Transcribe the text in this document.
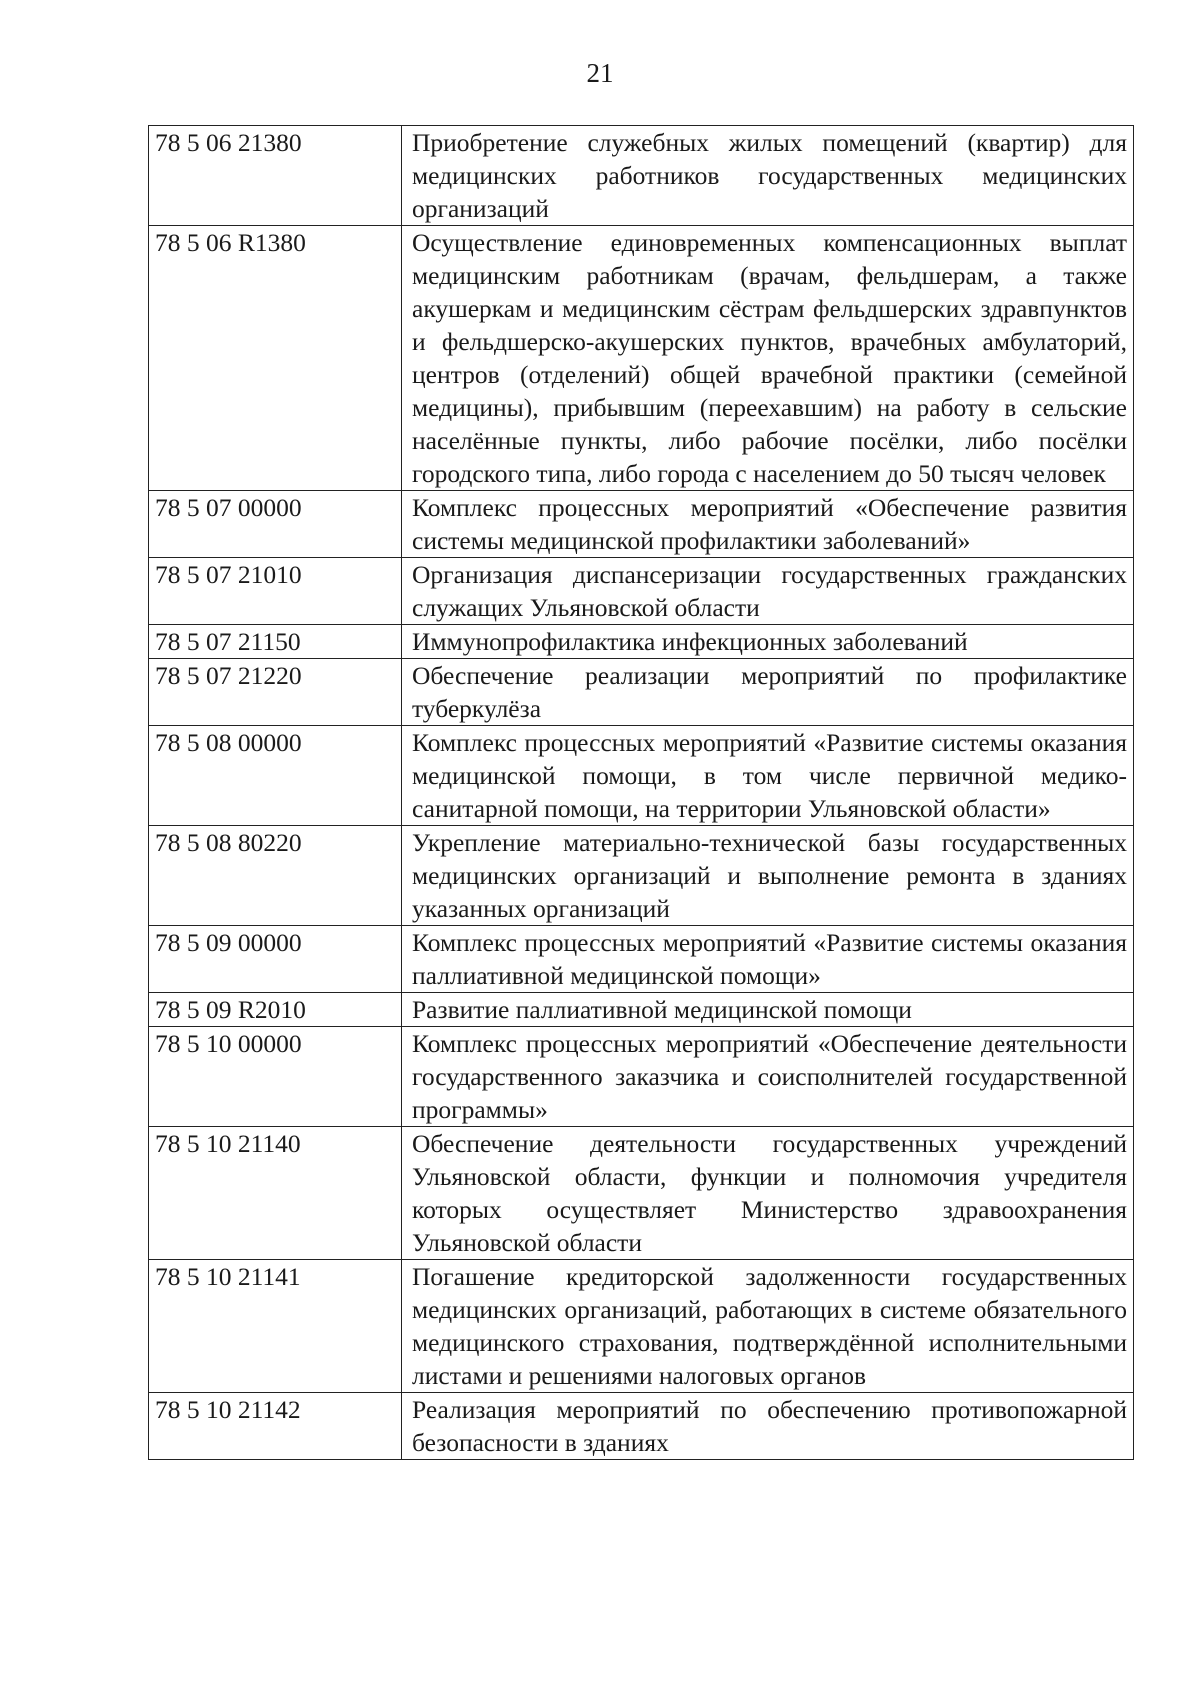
21
78 5 06 21380	Приобретение служебных жилых помещений (квартир) для медицинских работников государственных медицинских организаций
78 5 06 R1380	Осуществление единовременных компенсационных выплат медицинским работникам (врачам, фельдшерам, а также акушеркам и медицинским сёстрам фельдшерских здравпунктов и фельдшерско-акушерских пунктов, врачебных амбулаторий, центров (отделений) общей врачебной практики (семейной медицины), прибывшим (переехавшим) на работу в сельские населённые пункты, либо рабочие посёлки, либо посёлки городского типа, либо города с населением до 50 тысяч человек
78 5 07 00000	Комплекс процессных мероприятий «Обеспечение развития системы медицинской профилактики заболеваний»
78 5 07 21010	Организация диспансеризации государственных гражданских служащих Ульяновской области
78 5 07 21150	Иммунопрофилактика инфекционных заболеваний
78 5 07 21220	Обеспечение реализации мероприятий по профилактике туберкулёза
78 5 08 00000	Комплекс процессных мероприятий «Развитие системы оказания медицинской помощи, в том числе первичной медико-санитарной помощи, на территории Ульяновской области»
78 5 08 80220	Укрепление материально-технической базы государственных медицинских организаций и выполнение ремонта в зданиях указанных организаций
78 5 09 00000	Комплекс процессных мероприятий «Развитие системы оказания паллиативной медицинской помощи»
78 5 09 R2010	Развитие паллиативной медицинской помощи
78 5 10 00000	Комплекс процессных мероприятий «Обеспечение деятельности государственного заказчика и соисполнителей государственной программы»
78 5 10 21140	Обеспечение деятельности государственных учреждений Ульяновской области, функции и полномочия учредителя которых осуществляет Министерство здравоохранения Ульяновской области
78 5 10 21141	Погашение кредиторской задолженности государственных медицинских организаций, работающих в системе обязательного медицинского страхования, подтверждённой исполнительными листами и решениями налоговых органов
78 5 10 21142	Реализация мероприятий по обеспечению противопожарной безопасности в зданиях
